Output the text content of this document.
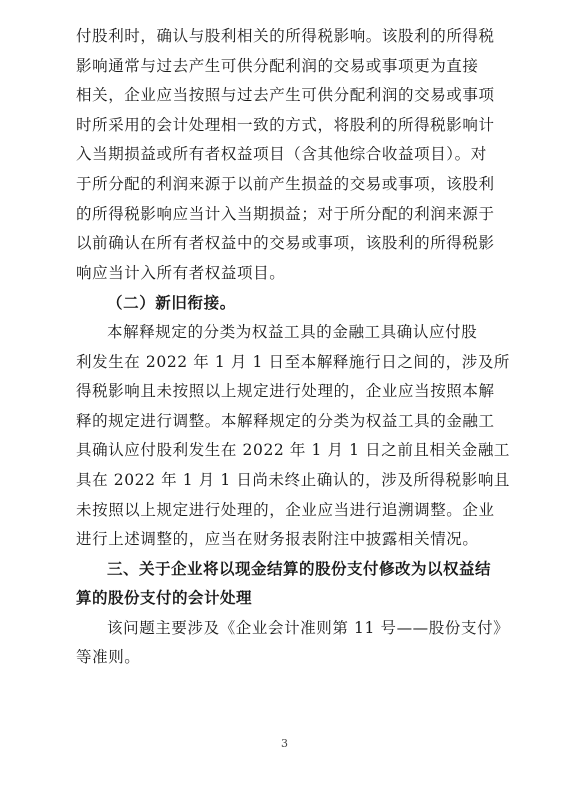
付股利时，确认与股利相关的所得税影响。该股利的所得税
影响通常与过去产生可供分配利润的交易或事项更为直接
相关，企业应当按照与过去产生可供分配利润的交易或事项
时所采用的会计处理相一致的方式，将股利的所得税影响计
入当期损益或所有者权益项目（含其他综合收益项目）。对
于所分配的利润来源于以前产生损益的交易或事项，该股利
的所得税影响应当计入当期损益；对于所分配的利润来源于
以前确认在所有者权益中的交易或事项，该股利的所得税影
响应当计入所有者权益项目。
（二）新旧衔接。
本解释规定的分类为权益工具的金融工具确认应付股
利发生在 2022 年 1 月 1 日至本解释施行日之间的，涉及所
得税影响且未按照以上规定进行处理的，企业应当按照本解
释的规定进行调整。本解释规定的分类为权益工具的金融工
具确认应付股利发生在 2022 年 1 月 1 日之前且相关金融工
具在 2022 年 1 月 1 日尚未终止确认的，涉及所得税影响且
未按照以上规定进行处理的，企业应当进行追溯调整。企业
进行上述调整的，应当在财务报表附注中披露相关情况。
三、关于企业将以现金结算的股份支付修改为以权益结
算的股份支付的会计处理
该问题主要涉及《企业会计准则第 11 号——股份支付》
等准则。
3
